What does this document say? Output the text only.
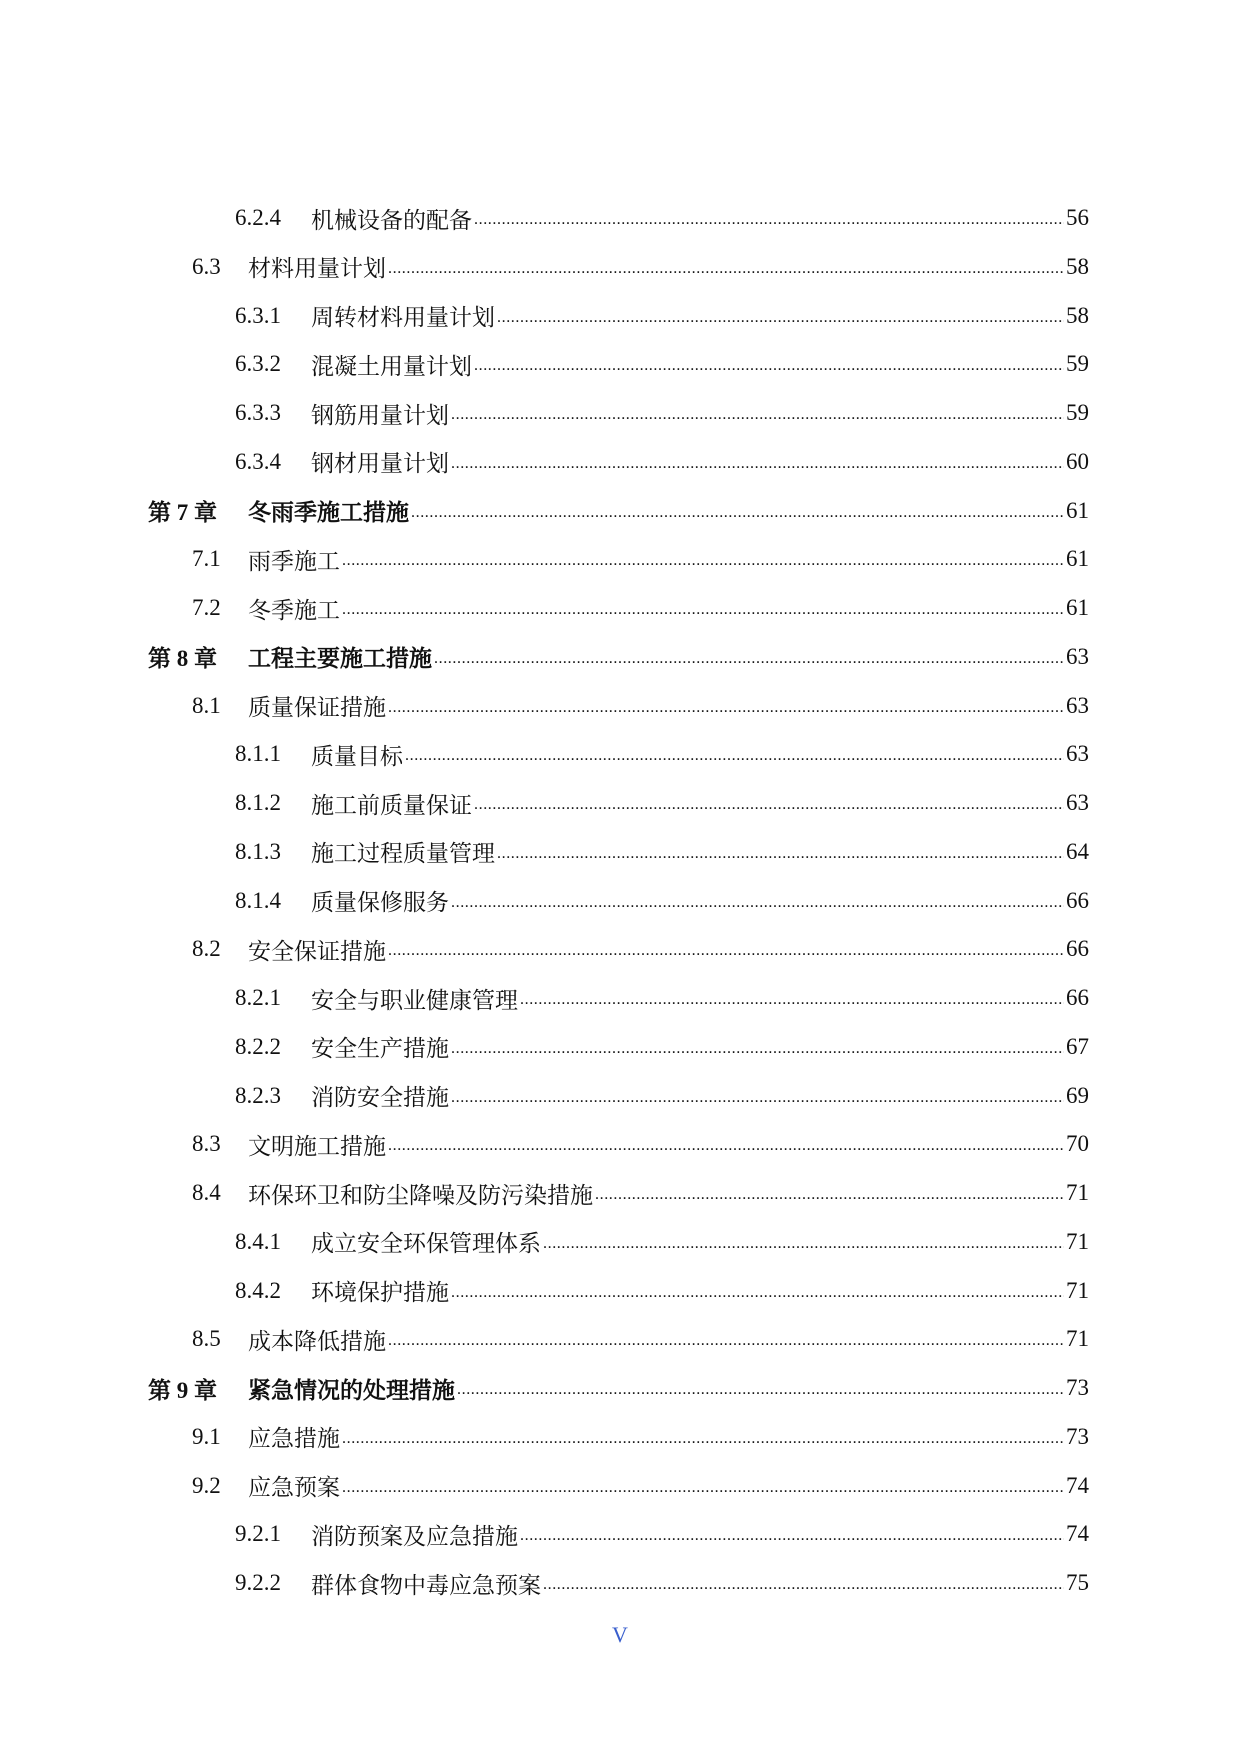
6.2.4	机械设备的配备 .....	56
6.3	材料用量计划 .....	58
6.3.1	周转材料用量计划 .....	58
6.3.2	混凝土用量计划 .....	59
6.3.3	钢筋用量计划 .....	59
6.3.4	钢材用量计划 .....	60
第 7 章	冬雨季施工措施 .....	61
7.1	雨季施工 .....	61
7.2	冬季施工 .....	61
第 8 章	工程主要施工措施 .....	63
8.1	质量保证措施 .....	63
8.1.1	质量目标 .....	63
8.1.2	施工前质量保证 .....	63
8.1.3	施工过程质量管理 .....	64
8.1.4	质量保修服务 .....	66
8.2	安全保证措施 .....	66
8.2.1	安全与职业健康管理 .....	66
8.2.2	安全生产措施 .....	67
8.2.3	消防安全措施 .....	69
8.3	文明施工措施 .....	70
8.4	环保环卫和防尘降噪及防污染措施 .....	71
8.4.1	成立安全环保管理体系 .....	71
8.4.2	环境保护措施 .....	71
8.5	成本降低措施 .....	71
第 9 章	紧急情况的处理措施 .....	73
9.1	应急措施 .....	73
9.2	应急预案 .....	74
9.2.1	消防预案及应急措施 .....	74
9.2.2	群体食物中毒应急预案 .....	75
V
